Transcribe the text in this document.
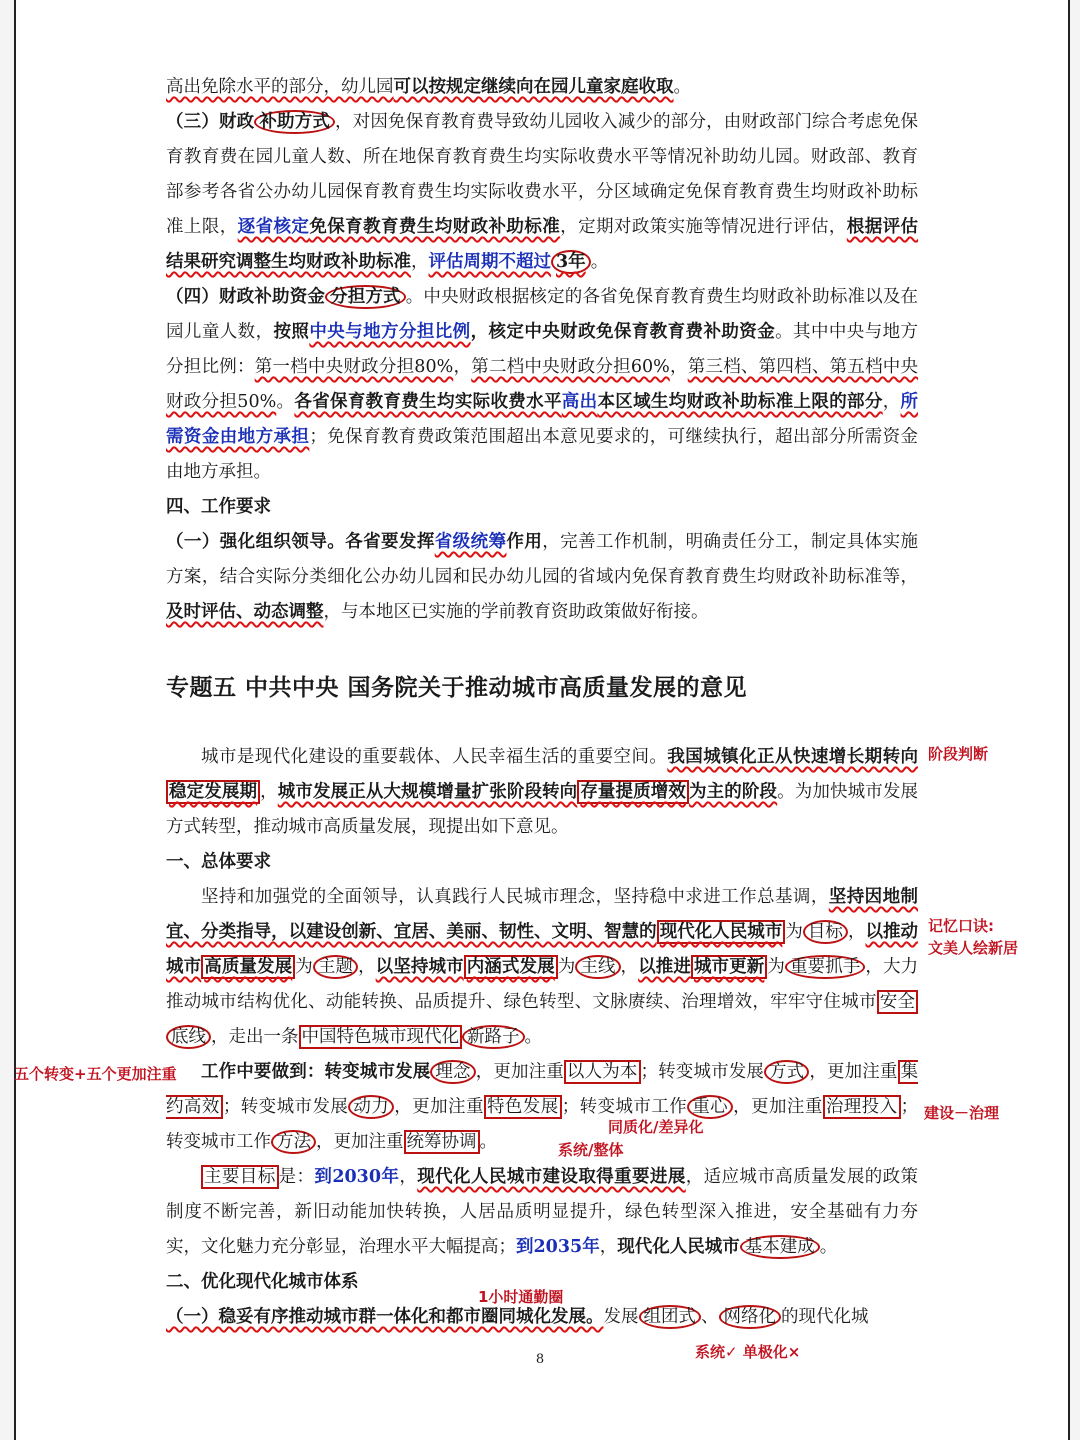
高出免除水平的部分，幼儿园可以按规定继续向在园儿童家庭收取。

（三）财政 补助方式 ，对因免保育教育费导致幼儿园收入减少的部分，由财政部门综合考虑免保育教育费在园儿童人数、所在地保育教育费生均实际收费水平等情况补助幼儿园。财政部、教育部参考各省公办幼儿园保育教育费生均实际收费水平，分区域确定免保育教育费生均财政补助标准上限，逐省核定免保育教育费生均财政补助标准，定期对政策实施等情况进行评估，根据评估结果研究调整生均财政补助标准，评估周期不超过 3年 。

（四）财政补助资金 分担方式 。中央财政根据核定的各省免保育教育费生均财政补助标准以及在园儿童人数，按照中央与地方分担比例，核定中央财政免保育教育费补助资金。其中中央与地方分担比例：第一档中央财政分担80%，第二档中央财政分担60%，第三档、第四档、第五档中央财政分担50%。各省保育教育费生均实际收费水平高出本区域生均财政补助标准上限的部分，所需资金由地方承担；免保育教育费政策范围超出本意见要求的，可继续执行，超出部分所需资金由地方承担。

四、工作要求

（一）强化组织领导。各省要发挥省级统筹作用，完善工作机制，明确责任分工，制定具体实施方案，结合实际分类细化公办幼儿园和民办幼儿园的省域内免保育教育费生均财政补助标准等，及时评估、动态调整，与本地区已实施的学前教育资助政策做好衔接。

专题五 中共中央 国务院关于推动城市高质量发展的意见

城市是现代化建设的重要载体、人民幸福生活的重要空间。我国城镇化正从快速增长期转向稳定发展期 ，城市发展正从大规模增量扩张阶段转向 存量提质增效 为主的阶段。为加快城市发展方式转型，推动城市高质量发展，现提出如下意见。

一、总体要求

坚持和加强党的全面领导，认真践行人民城市理念，坚持稳中求进工作总基调，坚持因地制宜、分类指导，以建设创新、宜居、美丽、韧性、文明、智慧的 现代化人民城市 为 目标 ，以推动城市 高质量发展 为 主题 ，以坚持城市 内涵式发展 为 主线 ，以推进 城市更新 为 重要抓手 ，大力推动城市结构优化、动能转换、品质提升、绿色转型、文脉赓续、治理增效，牢牢守住城市 安全底线 ，走出一条 中国特色城市现代化 新路子 。

工作中要做到：转变城市发展 理念 ，更加注重 以人为本 ；转变城市发展 方式 ，更加注重 集约高效 ；转变城市发展 动力 ，更加注重 特色发展 ；转变城市工作 重心 ，更加注重 治理投入 ；转变城市工作 方法 ，更加注重 统筹协调 。

主要目标 是：到2030年，现代化人民城市建设取得重要进展，适应城市高质量发展的政策制度不断完善，新旧动能加快转换，人居品质明显提升，绿色转型深入推进，安全基础有力夯实，文化魅力充分彰显，治理水平大幅提高；到2035年，现代化人民城市 基本建成 。

二、优化现代化城市体系

（一）稳妥有序推动城市群一体化和都市圈同城化发展。发展 组团式 、 网络化 的现代化城

阶段判断
记忆口诀:
文美人绘新居
五个转变+五个更加注重
建设－治理
同质化/差异化
系统/整体
1小时通勤圈
系统✓ 单极化×
8
